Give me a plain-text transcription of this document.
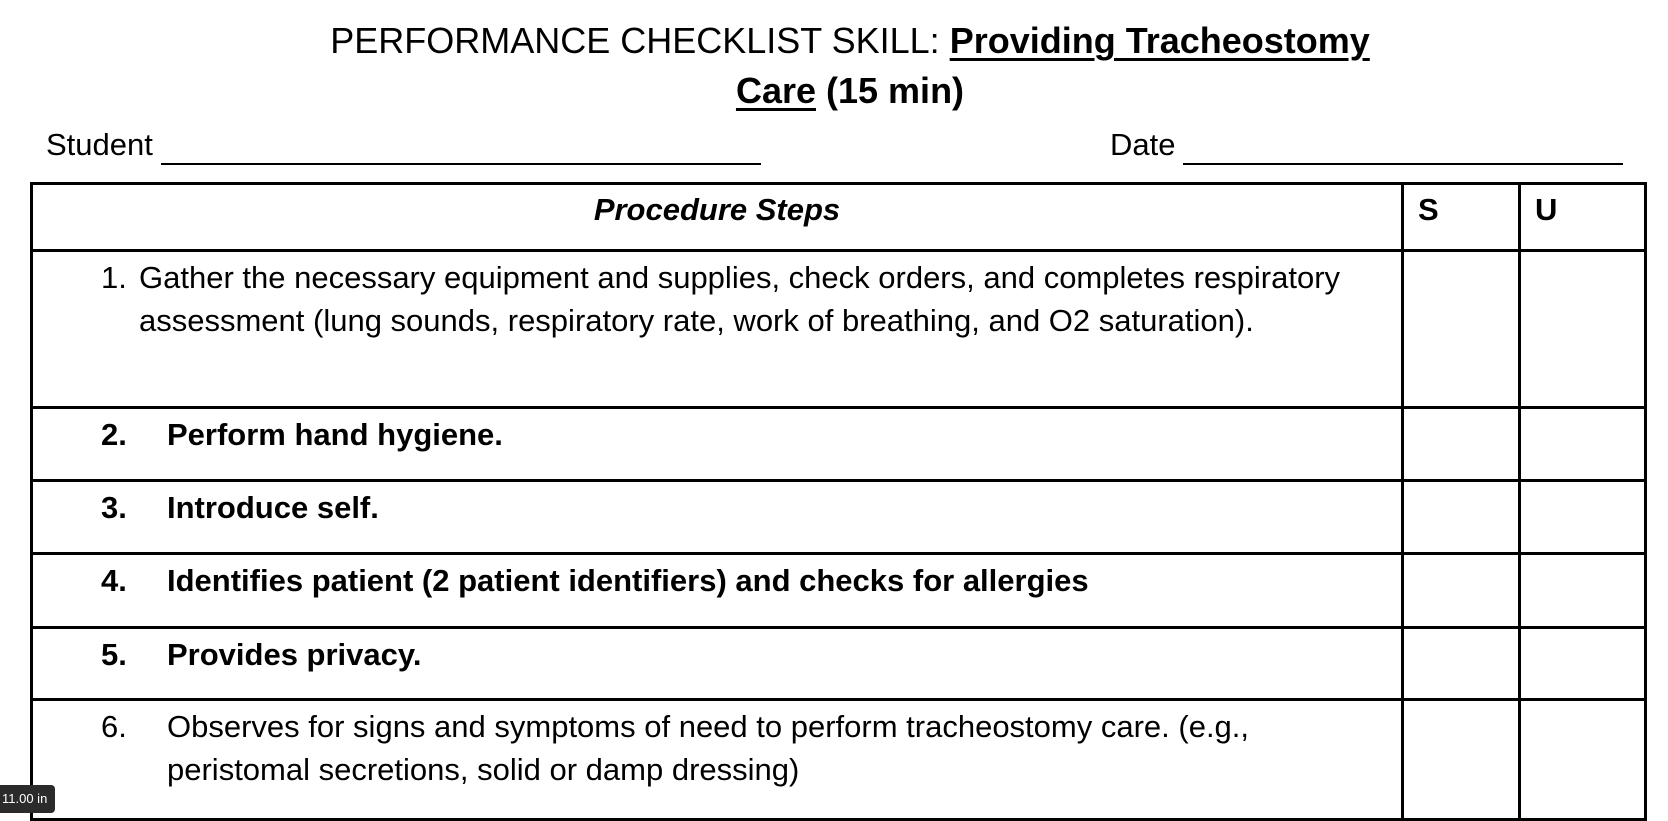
PERFORMANCE CHECKLIST SKILL: Providing Tracheostomy
Care (15 min)
Student	Date
Procedure Steps	S	U

1. Gather the necessary equipment and supplies, check orders, and completes respiratory assessment (lung sounds, respiratory rate, work of breathing, and O2 saturation).		

2. Perform hand hygiene.		

3. Introduce self.		

4. Identifies patient (2 patient identifiers) and checks for allergies		

5. Provides privacy.		

6. Observes for signs and symptoms of need to perform tracheostomy care. (e.g., peristomal secretions, solid or damp dressing)		

11.00 in
